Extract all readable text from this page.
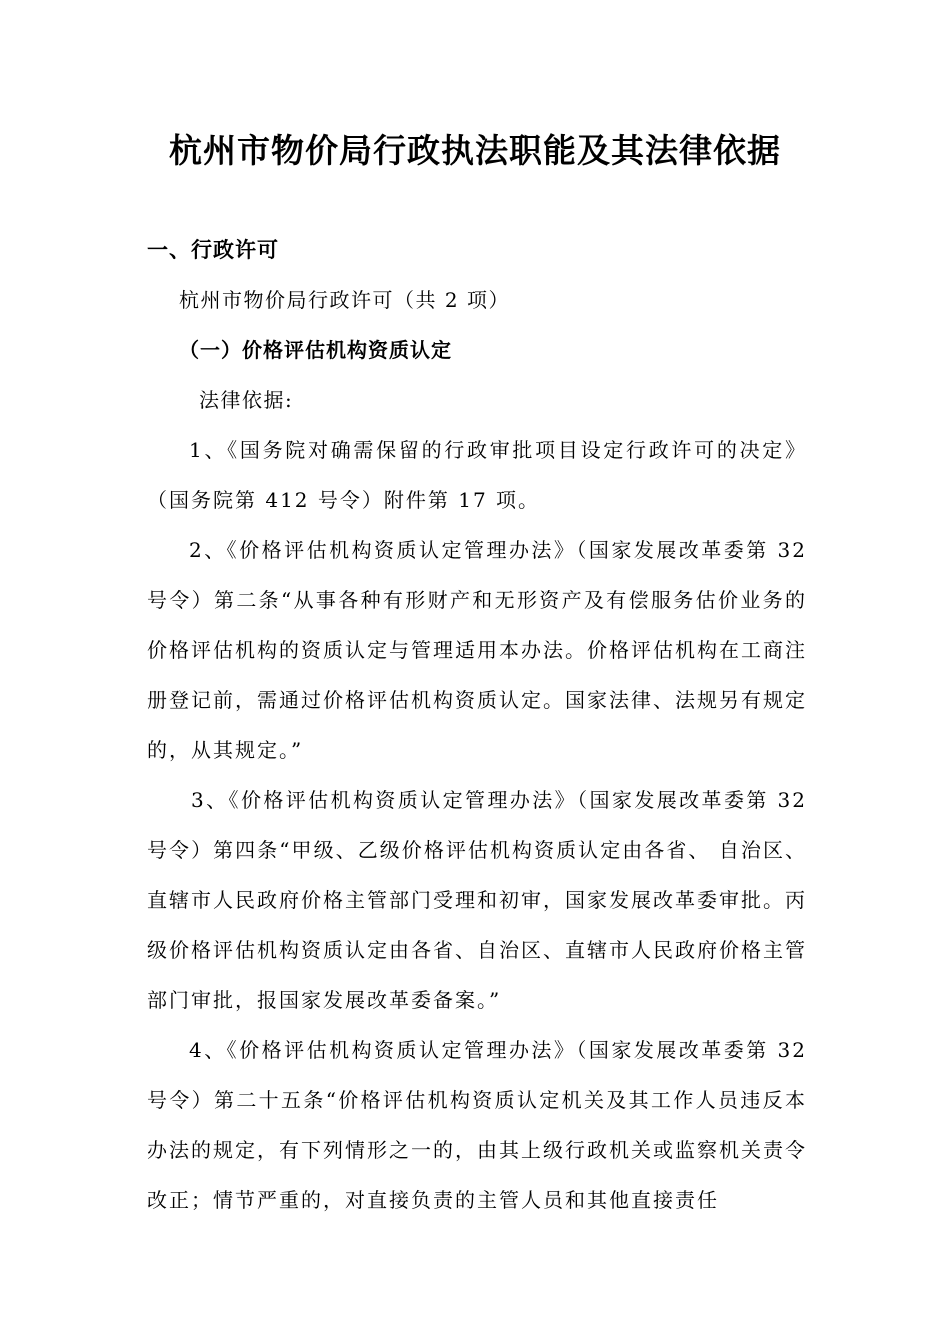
杭州市物价局行政执法职能及其法律依据
一、行政许可
杭州市物价局行政许可（共 2 项）
（一）价格评估机构资质认定
法律依据:
1、《国务院对确需保留的行政审批项目设定行政许可的决定》（国务院第 412 号令）附件第 17 项。
2、《价格评估机构资质认定管理办法》（国家发展改革委第 32 号令）第二条“从事各种有形财产和无形资产及有偿服务估价业务的价格评估机构的资质认定与管理适用本办法。价格评估机构在工商注册登记前，需通过价格评估机构资质认定。国家法律、法规另有规定的，从其规定。”
3、《价格评估机构资质认定管理办法》（国家发展改革委第 32 号令）第四条“甲级、乙级价格评估机构资质认定由各省、 自治区、直辖市人民政府价格主管部门受理和初审，国家发展改革委审批。丙级价格评估机构资质认定由各省、自治区、直辖市人民政府价格主管部门审批，报国家发展改革委备案。”
4、《价格评估机构资质认定管理办法》（国家发展改革委第 32 号令）第二十五条“价格评估机构资质认定机关及其工作人员违反本办法的规定，有下列情形之一的，由其上级行政机关或监察机关责令改正；情节严重的，对直接负责的主管人员和其他直接责任
